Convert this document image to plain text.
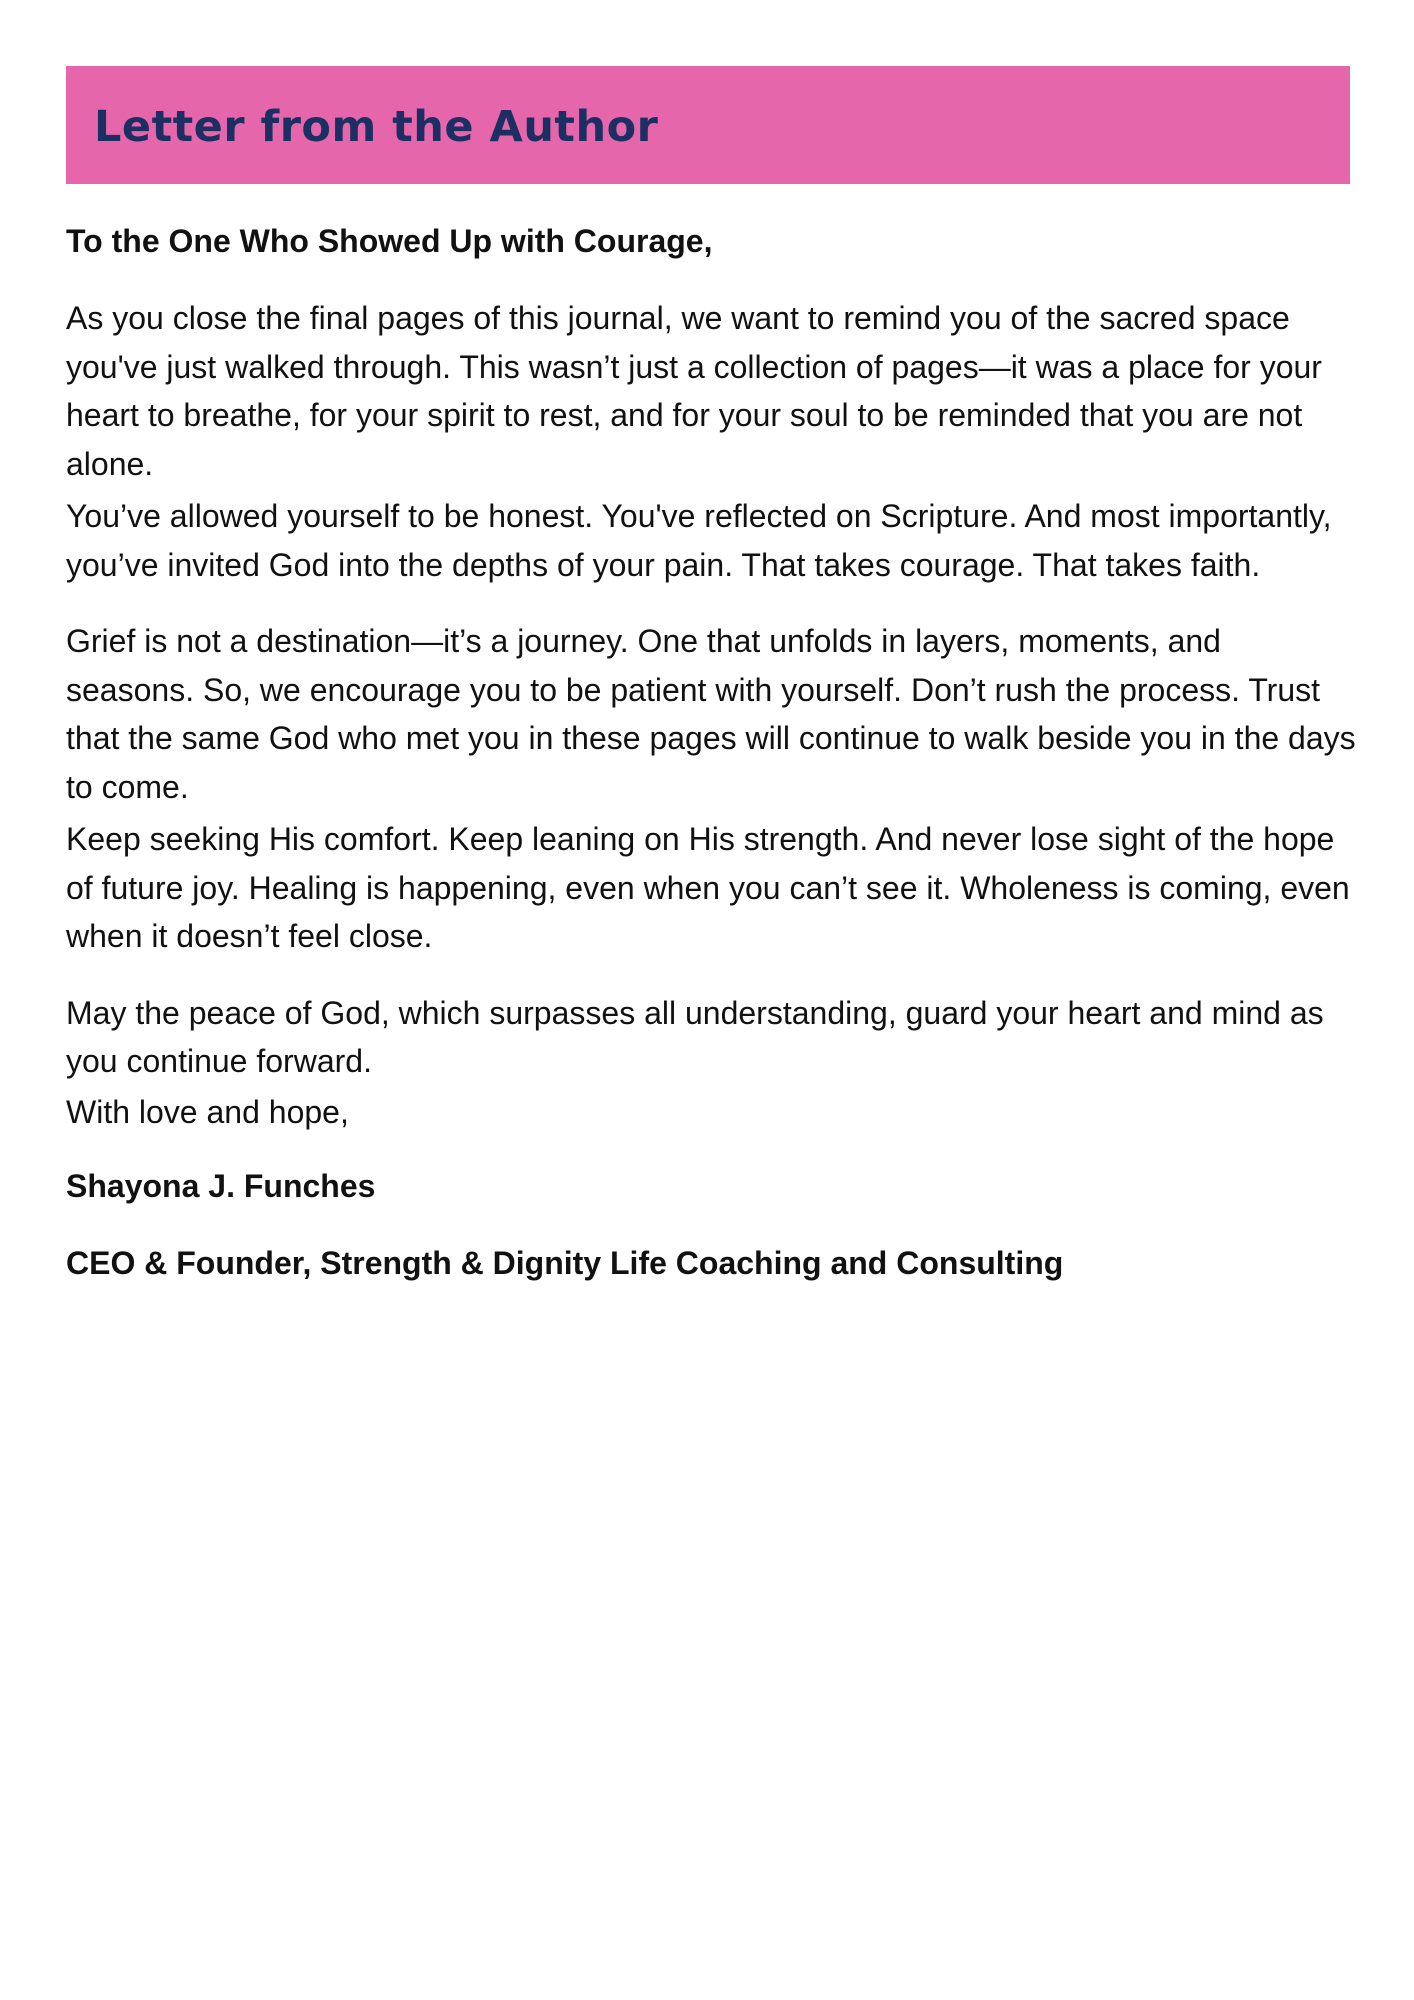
Letter from the Author

To the One Who Showed Up with Courage,

As you close the final pages of this journal, we want to remind you of the sacred space you've just walked through. This wasn’t just a collection of pages—it was a place for your heart to breathe, for your spirit to rest, and for your soul to be reminded that you are not alone.

You’ve allowed yourself to be honest. You've reflected on Scripture. And most importantly, you’ve invited God into the depths of your pain. That takes courage. That takes faith.

Grief is not a destination—it’s a journey. One that unfolds in layers, moments, and seasons. So, we encourage you to be patient with yourself. Don’t rush the process. Trust that the same God who met you in these pages will continue to walk beside you in the days to come.

Keep seeking His comfort. Keep leaning on His strength. And never lose sight of the hope of future joy. Healing is happening, even when you can’t see it. Wholeness is coming, even when it doesn’t feel close.

May the peace of God, which surpasses all understanding, guard your heart and mind as you continue forward.

With love and hope,

Shayona J. Funches

CEO & Founder, Strength & Dignity Life Coaching and Consulting
